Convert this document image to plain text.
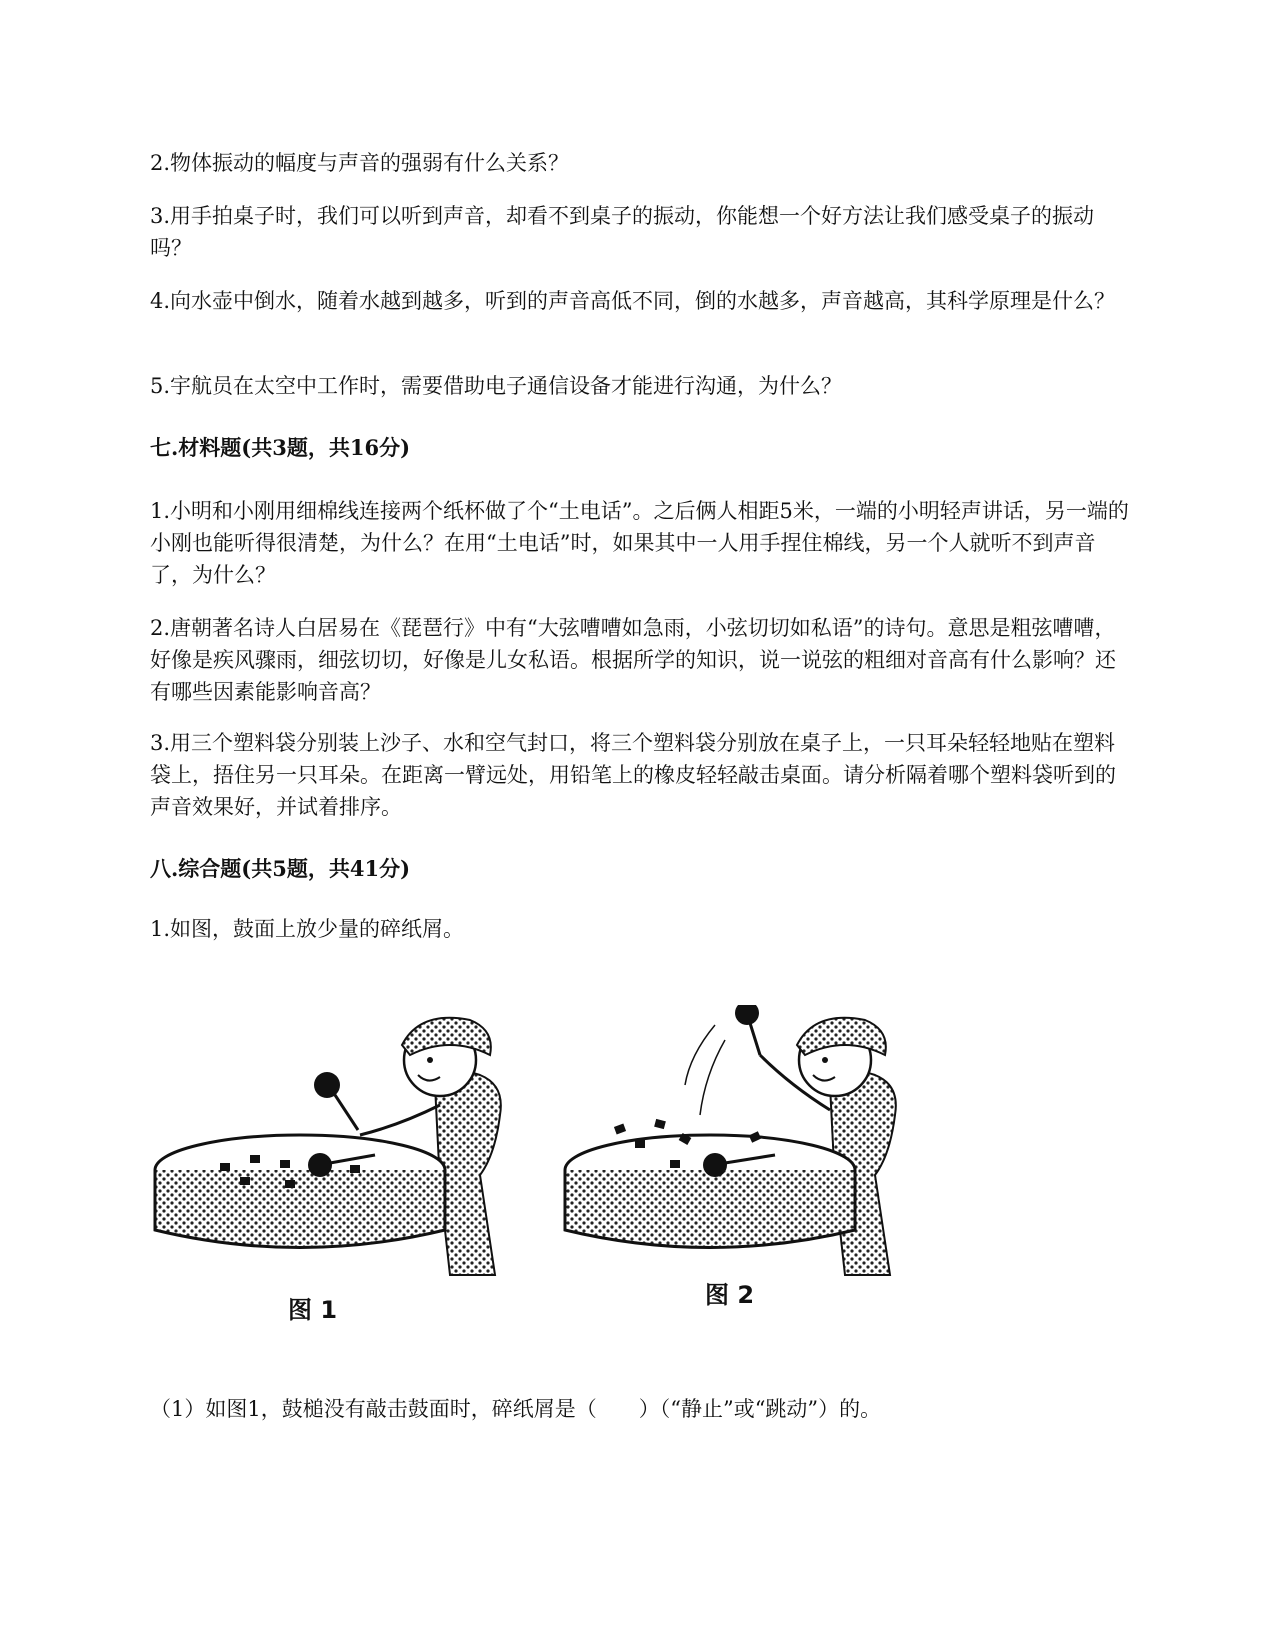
2.物体振动的幅度与声音的强弱有什么关系？

3.用手拍桌子时，我们可以听到声音，却看不到桌子的振动，你能想一个好方法让我们感受桌子的振动吗？

4.向水壶中倒水，随着水越到越多，听到的声音高低不同，倒的水越多，声音越高，其科学原理是什么？

5.宇航员在太空中工作时，需要借助电子通信设备才能进行沟通，为什么？

七.材料题(共3题，共16分)

1.小明和小刚用细棉线连接两个纸杯做了个“土电话”。之后俩人相距5米，一端的小明轻声讲话，另一端的小刚也能听得很清楚，为什么？在用“土电话”时，如果其中一人用手捏住棉线，另一个人就听不到声音了，为什么？

2.唐朝著名诗人白居易在《琵琶行》中有“大弦嘈嘈如急雨，小弦切切如私语”的诗句。意思是粗弦嘈嘈，好像是疾风骤雨，细弦切切，好像是儿女私语。根据所学的知识，说一说弦的粗细对音高有什么影响？还有哪些因素能影响音高？

3.用三个塑料袋分别装上沙子、水和空气封口，将三个塑料袋分别放在桌子上，一只耳朵轻轻地贴在塑料袋上，捂住另一只耳朵。在距离一臂远处，用铅笔上的橡皮轻轻敲击桌面。请分析隔着哪个塑料袋听到的声音效果好，并试着排序。

八.综合题(共5题，共41分)

1.如图，鼓面上放少量的碎纸屑。

图 1
图 2

（1）如图1，鼓槌没有敲击鼓面时，碎纸屑是（　　）（“静止”或“跳动”）的。
